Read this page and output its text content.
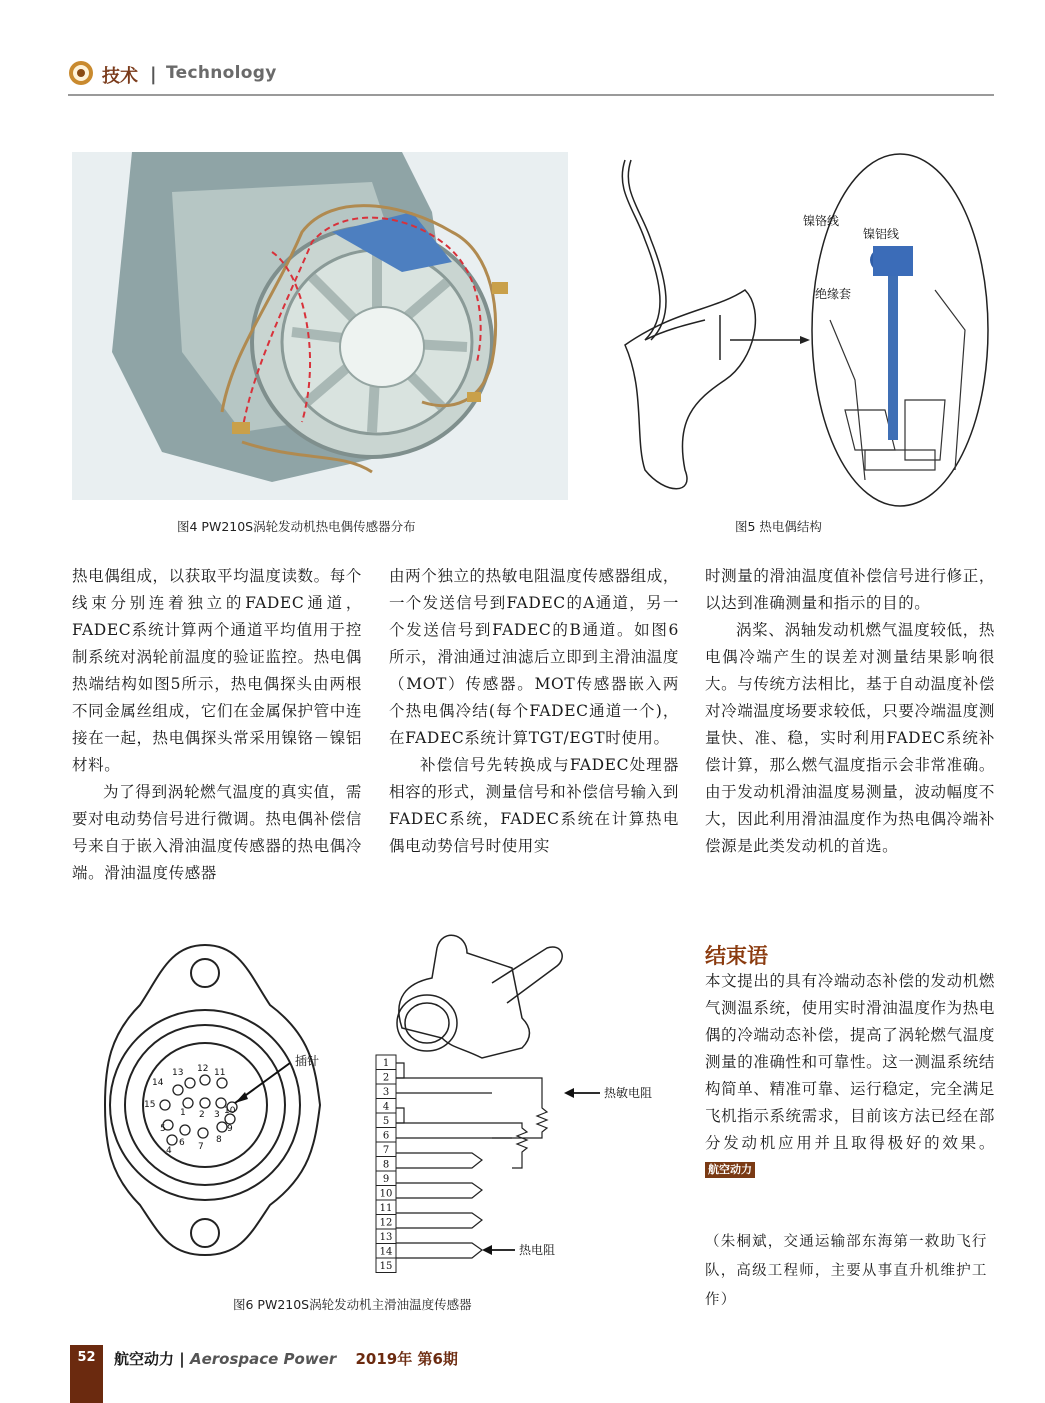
技术 | Technology
镍铬线
镍铝线
绝缘套
图4 PW210S涡轮发动机热电偶传感器分布	图5 热电偶结构

热电偶组成，以获取平均温度读数。每个线束分别连着独立的FADEC通道，FADEC系统计算两个通道平均值用于控制系统对涡轮前温度的验证监控。热电偶热端结构如图5所示，热电偶探头由两根不同金属丝组成，它们在金属保护管中连接在一起，热电偶探头常采用镍铬－镍铝材料。

为了得到涡轮燃气温度的真实值，需要对电动势信号进行微调。热电偶补偿信号来自于嵌入滑油温度传感器的热电偶冷端。滑油温度传感器

由两个独立的热敏电阻温度传感器组成，一个发送信号到FADEC的A通道，另一个发送信号到FADEC的B通道。如图6所示，滑油通过油滤后立即到主滑油温度（MOT）传感器。MOT传感器嵌入两个热电偶冷结(每个FADEC通道一个)，在FADEC系统计算TGT/EGT时使用。

补偿信号先转换成与FADEC处理器相容的形式，测量信号和补偿信号输入到FADEC系统，FADEC系统在计算热电偶电动势信号时使用实

时测量的滑油温度值补偿信号进行修正，以达到准确测量和指示的目的。

涡桨、涡轴发动机燃气温度较低，热电偶冷端产生的误差对测量结果影响很大。与传统方法相比，基于自动温度补偿对冷端温度场要求较低，只要冷端温度测量快、准、稳，实时利用FADEC系统补偿计算，那么燃气温度指示会非常准确。由于发动机滑油温度易测量，波动幅度不大，因此利用滑油温度作为热电偶冷端补偿源是此类发动机的首选。

结束语

本文提出的具有冷端动态补偿的发动机燃气测温系统，使用实时滑油温度作为热电偶的冷端动态补偿，提高了涡轮燃气温度测量的准确性和可靠性。这一测温系统结构简单、精准可靠、运行稳定，完全满足飞机指示系统需求，目前该方法已经在部分发动机应用并且取得极好的效果。 航空动力

（朱桐斌，交通运输部东海第一救助飞行队，高级工程师，主要从事直升机维护工作）
14
13 12 11
15
1 2 3 10
5
6 7
8
9
4
插针	1
2
3
4
5
6
7
8
9
10
11
12
13
14
15
热敏电阻
热电阻
图6 PW210S涡轮发动机主滑油温度传感器
52	航空动力 | Aerospace Power 2019年 第6期
